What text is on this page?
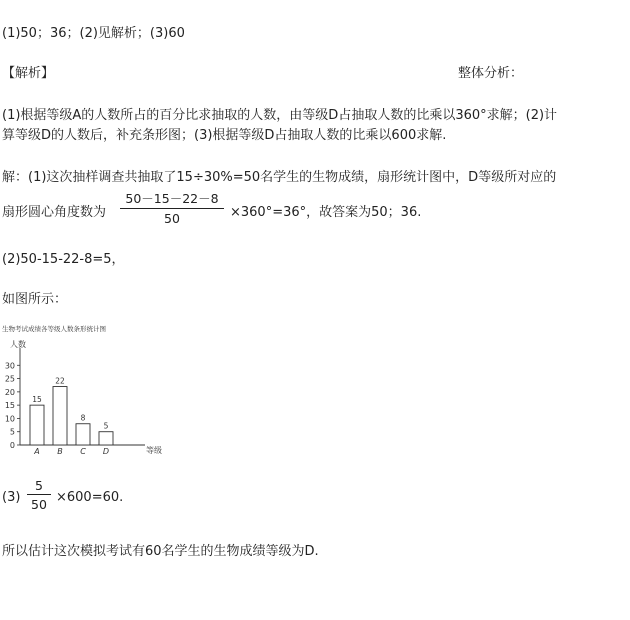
(1)50；36；(2)见解析；(3)60
【解析】	整体分析：
(1)根据等级A的人数所占的百分比求抽取的人数，由等级D占抽取人数的比乘以360°求解；(2)计
算等级D的人数后，补充条形图；(3)根据等级D占抽取人数的比乘以600求解.
解：(1)这次抽样调查共抽取了15÷30%=50名学生的生物成绩，扇形统计图中，D等级所对应的
扇形圆心角度数为 $\frac{50-15-22-8}{50} \times 360^\circ=36^\circ$，故答案为50；36.
(2)50-15-22-8=5，
如图所示：
生物考试成绩各等级人数条形统计图
人数
等级
0
5
10
15
20
25
30
15
A
22
B
8
C
5
D
$(3) \frac{5}{50} \times 600=60$.
所以估计这次模拟考试有60名学生的生物成绩等级为D.
